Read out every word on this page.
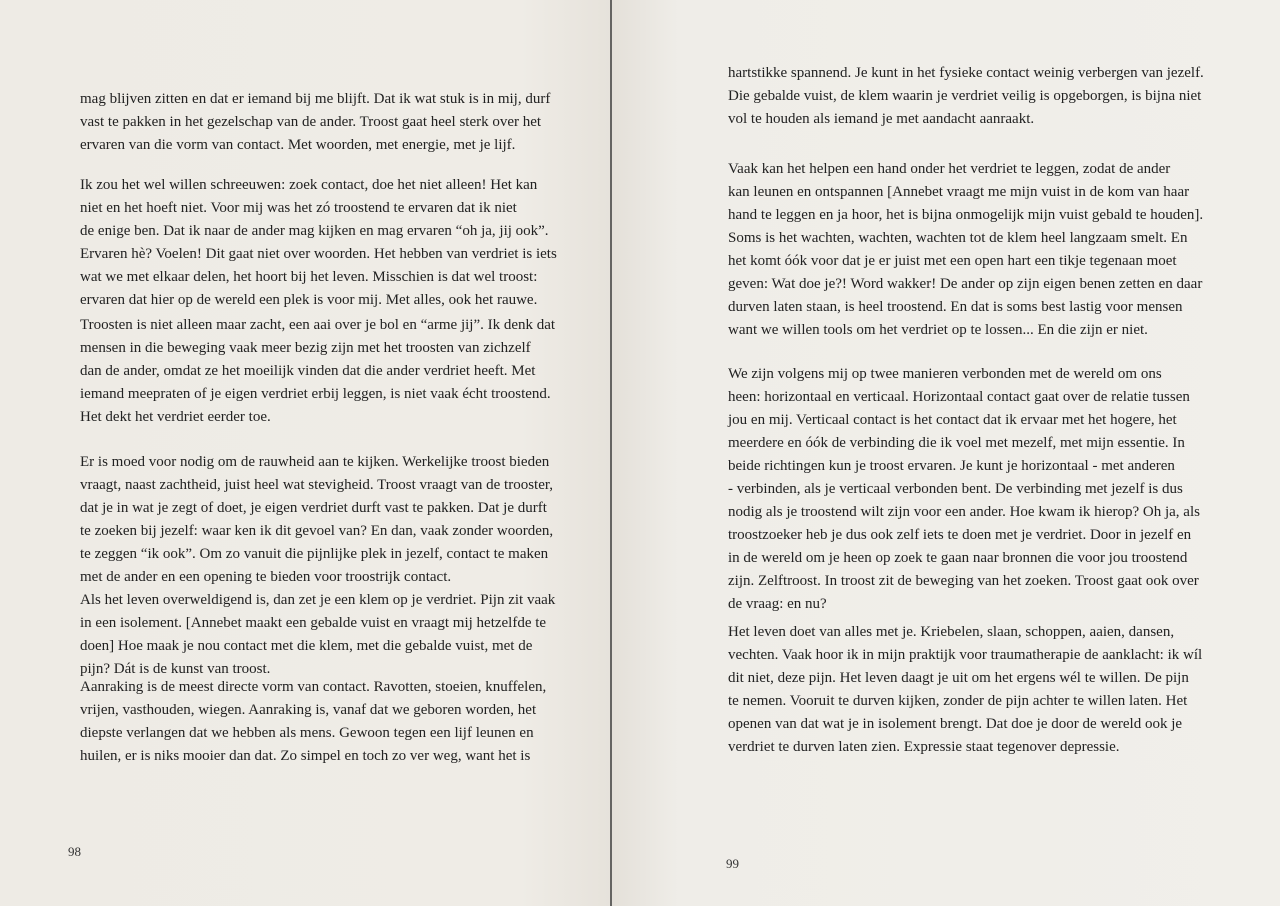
mag blijven zitten en dat er iemand bij me blijft. Dat ik wat stuk is in mij, durf
vast te pakken in het gezelschap van de ander. Troost gaat heel sterk over het
ervaren van die vorm van contact. Met woorden, met energie, met je lijf.
Ik zou het wel willen schreeuwen: zoek contact, doe het niet alleen! Het kan
niet en het hoeft niet. Voor mij was het zó troostend te ervaren dat ik niet
de enige ben. Dat ik naar de ander mag kijken en mag ervaren “oh ja, jij ook”.
Ervaren hè? Voelen! Dit gaat niet over woorden. Het hebben van verdriet is iets
wat we met elkaar delen, het hoort bij het leven. Misschien is dat wel troost:
ervaren dat hier op de wereld een plek is voor mij. Met alles, ook het rauwe.
Troosten is niet alleen maar zacht, een aai over je bol en “arme jij”. Ik denk dat
mensen in die beweging vaak meer bezig zijn met het troosten van zichzelf
dan de ander, omdat ze het moeilijk vinden dat die ander verdriet heeft. Met
iemand meepraten of je eigen verdriet erbij leggen, is niet vaak écht troostend.
Het dekt het verdriet eerder toe.
Er is moed voor nodig om de rauwheid aan te kijken. Werkelijke troost bieden
vraagt, naast zachtheid, juist heel wat stevigheid. Troost vraagt van de trooster,
dat je in wat je zegt of doet, je eigen verdriet durft vast te pakken. Dat je durft
te zoeken bij jezelf: waar ken ik dit gevoel van? En dan, vaak zonder woorden,
te zeggen “ik ook”. Om zo vanuit die pijnlijke plek in jezelf, contact te maken
met de ander en een opening te bieden voor troostrijk contact.
Als het leven overweldigend is, dan zet je een klem op je verdriet. Pijn zit vaak
in een isolement. [Annebet maakt een gebalde vuist en vraagt mij hetzelfde te
doen] Hoe maak je nou contact met die klem, met die gebalde vuist, met de
pijn? Dát is de kunst van troost.
Aanraking is de meest directe vorm van contact. Ravotten, stoeien, knuffelen,
vrijen, vasthouden, wiegen. Aanraking is, vanaf dat we geboren worden, het
diepste verlangen dat we hebben als mens. Gewoon tegen een lijf leunen en
huilen, er is niks mooier dan dat. Zo simpel en toch zo ver weg, want het is
98
hartstikke spannend. Je kunt in het fysieke contact weinig verbergen van jezelf.
Die gebalde vuist, de klem waarin je verdriet veilig is opgeborgen, is bijna niet
vol te houden als iemand je met aandacht aanraakt.
Vaak kan het helpen een hand onder het verdriet te leggen, zodat de ander
kan leunen en ontspannen [Annebet vraagt me mijn vuist in de kom van haar
hand te leggen en ja hoor, het is bijna onmogelijk mijn vuist gebald te houden].
Soms is het wachten, wachten, wachten tot de klem heel langzaam smelt. En
het komt óók voor dat je er juist met een open hart een tikje tegenaan moet
geven: Wat doe je?! Word wakker! De ander op zijn eigen benen zetten en daar
durven laten staan, is heel troostend. En dat is soms best lastig voor mensen
want we willen tools om het verdriet op te lossen... En die zijn er niet.
We zijn volgens mij op twee manieren verbonden met de wereld om ons
heen: horizontaal en verticaal. Horizontaal contact gaat over de relatie tussen
jou en mij. Verticaal contact is het contact dat ik ervaar met het hogere, het
meerdere en óók de verbinding die ik voel met mezelf, met mijn essentie. In
beide richtingen kun je troost ervaren. Je kunt je horizontaal - met anderen
- verbinden, als je verticaal verbonden bent. De verbinding met jezelf is dus
nodig als je troostend wilt zijn voor een ander. Hoe kwam ik hierop? Oh ja, als
troostzoeker heb je dus ook zelf iets te doen met je verdriet. Door in jezelf en
in de wereld om je heen op zoek te gaan naar bronnen die voor jou troostend
zijn. Zelftroost. In troost zit de beweging van het zoeken. Troost gaat ook over
de vraag: en nu?
Het leven doet van alles met je. Kriebelen, slaan, schoppen, aaien, dansen,
vechten. Vaak hoor ik in mijn praktijk voor traumatherapie de aanklacht: ik wíl
dit niet, deze pijn. Het leven daagt je uit om het ergens wél te willen. De pijn
te nemen. Vooruit te durven kijken, zonder de pijn achter te willen laten. Het
openen van dat wat je in isolement brengt. Dat doe je door de wereld ook je
verdriet te durven laten zien. Expressie staat tegenover depressie.
99
